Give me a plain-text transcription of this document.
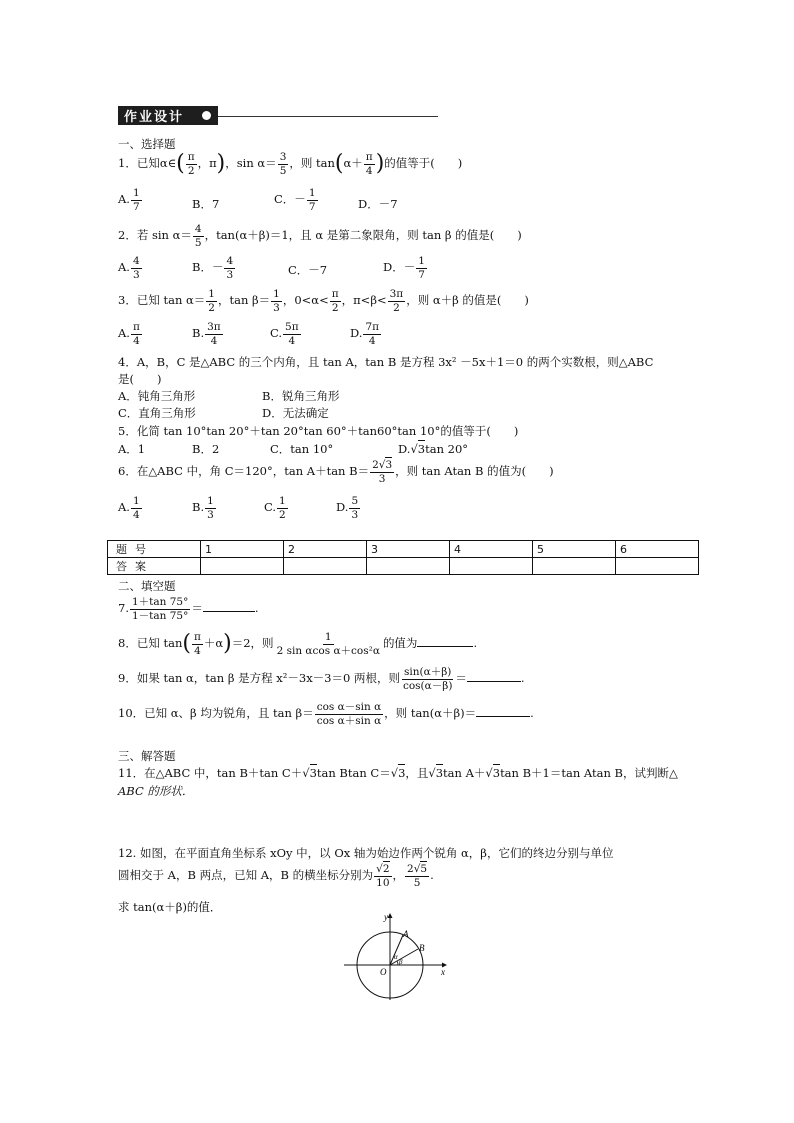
作业设计
一、选择题
1．已知α∈( $\frac{\pi}{2}$ ，π)，$\sin \alpha= \frac{3}{5}$ ，则 $\tan(\alpha+ \frac{\pi}{4}$ )的值等于(　　)
A. $\frac{1}{7}$	B．7	C．－ $\frac{1}{7}$	D．－7
2．若 $\sin \alpha= \frac{4}{5}$ ，tan(α＋β)＝1，且 α 是第二象限角，则 tan β 的值是(　　)
A. $\frac{4}{3}$	B．－ $\frac{4}{3}$	C．－7	D．－ $\frac{1}{7}$
3．已知 $\tan \alpha= \frac{1}{2}$ ，$\tan \beta= \frac{1}{3}$ ，$0<\alpha< \frac{\pi}{2}$ ，$\pi<\beta< \frac{3\pi}{2}$ ，则 α＋β 的值是(　　)
A. $\frac{\pi}{4}$	B. $\frac{3\pi}{4}$	C. $\frac{5\pi}{4}$	D. $\frac{7\pi}{4}$
4．A，B，C 是△ABC 的三个内角，且 tan A，tan B 是方程 3x² －5x＋1＝0 的两个实数根，则△ABC
是(　　)
A．钝角三角形	B．锐角三角形
C．直角三角形	D．无法确定
5．化简 tan 10°tan 20°＋tan 20°tan 60°＋tan60°tan 10°的值等于(　　)
A．1	B．2	C．tan 10°	D.√3tan 20°
6．在△ABC 中，角 C＝120°，tan A＋tan $B= \frac{2√3}{3}$ ，则 tan Atan B 的值为(　　)
A. $\frac{1}{4}$	B. $\frac{1}{3}$	C. $\frac{1}{2}$	D. $\frac{5}{3}$
题号	1	2	3	4	5	6
答案						
二、填空题
7. $\frac{1+\tan 75^\circ}{1-\tan 75^\circ}$ ＝	.
8．已知 $\tan( \frac{\pi}{4} +\alpha)=2$，则 $\frac{1}{\text{2 sin αcos α＋cos²α}}$ 的值为	.
9．如果 tan α，tan β 是方程 x²－3x－3＝0 两根，则 $\frac{\sin(\alpha+\beta)}{\cos(\alpha-\beta)}$ ＝	.
10．已知 α、β 均为锐角，且 $\tan \beta= \frac{\text{cos α－sin α}}{\text{cos α＋sin α}}$ ，则 tan(α＋β)＝	.
三、解答题
11．在△ABC 中，tan B＋tan C＋√3tan Btan C＝√3，且√3tan A＋√3tan B＋1＝tan Atan B，试判断△
ABC 的形状．
12. 如图，在平面直角坐标系 xOy 中，以 Ox 轴为始边作两个锐角 α，β，它们的终边分别与单位
圆相交于 A，B 两点，已知 A，B 的横坐标分别为 $\frac{√2}{10}$ ， $\frac{2√5}{5}$ .
求 tan(α＋β)的值．
y
x
O
A
B
α
β
